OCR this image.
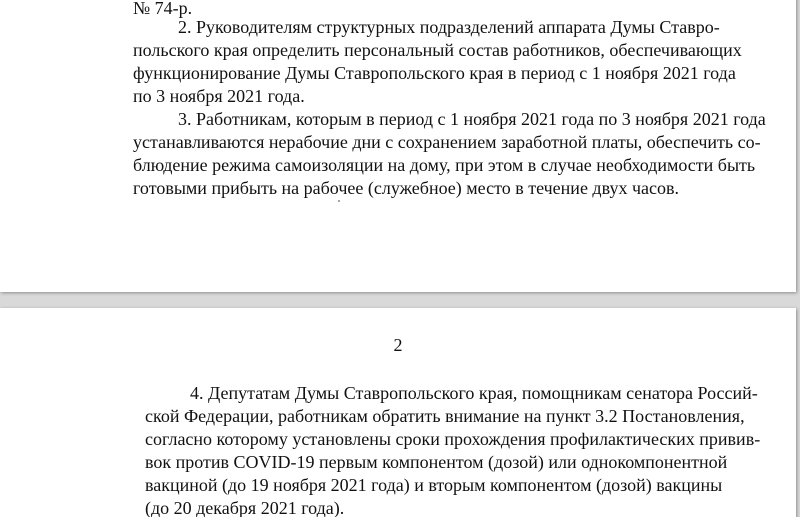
№ 74-р.
2. Руководителям структурных подразделений аппарата Думы Ставро-
польского края определить персональный состав работников, обеспечивающих
функционирование Думы Ставропольского края в период с 1 ноября 2021 года
по 3 ноября 2021 года.
3. Работникам, которым в период с 1 ноября 2021 года по 3 ноября 2021 года
устанавливаются нерабочие дни с сохранением заработной платы, обеспечить со-
блюдение режима самоизоляции на дому, при этом в случае необходимости быть
готовыми прибыть на рабочее (служебное) место в течение двух часов.
2
4. Депутатам Думы Ставропольского края, помощникам сенатора Россий-
ской Федерации, работникам обратить внимание на пункт 3.2 Постановления,
согласно которому установлены сроки прохождения профилактических привив-
вок против COVID-19 первым компонентом (дозой) или однокомпонентной
вакциной (до 19 ноября 2021 года) и вторым компонентом (дозой) вакцины
(до 20 декабря 2021 года).
